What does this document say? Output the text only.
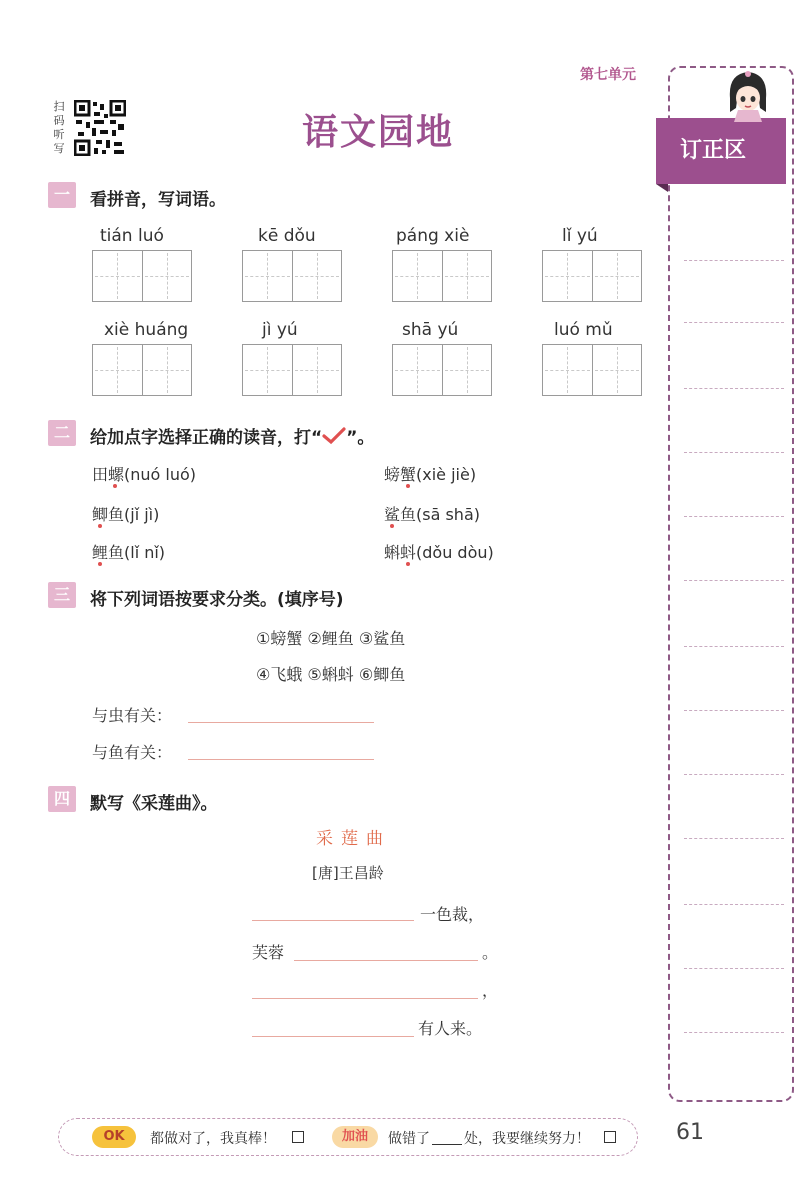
第七单元
扫码听写	语文园地
一	看拼音，写词语。
tián luó	kē dǒu	páng xiè	lǐ yú
xiè huáng	jì yú	shā yú	luó mǔ
二	给加点字选择正确的读音，打“ ”。
田螺(nuó luó)	螃蟹(xiè jiè)
鲫鱼(jǐ jì)	鲨鱼(sā shā)
鲤鱼(lǐ nǐ)	蝌蚪(dǒu dòu)
三	将下列词语按要求分类。(填序号)
①螃蟹 ②鲤鱼 ③鲨鱼
④飞蛾 ⑤蝌蚪 ⑥鲫鱼
与虫有关：
与鱼有关：
四	默写《采莲曲》。
采莲曲
[唐]王昌龄
一色裁，
芙蓉	。
，
有人来。
订正区
OK	都做对了，我真棒！	加油	做错了 处，我要继续努力！	61
